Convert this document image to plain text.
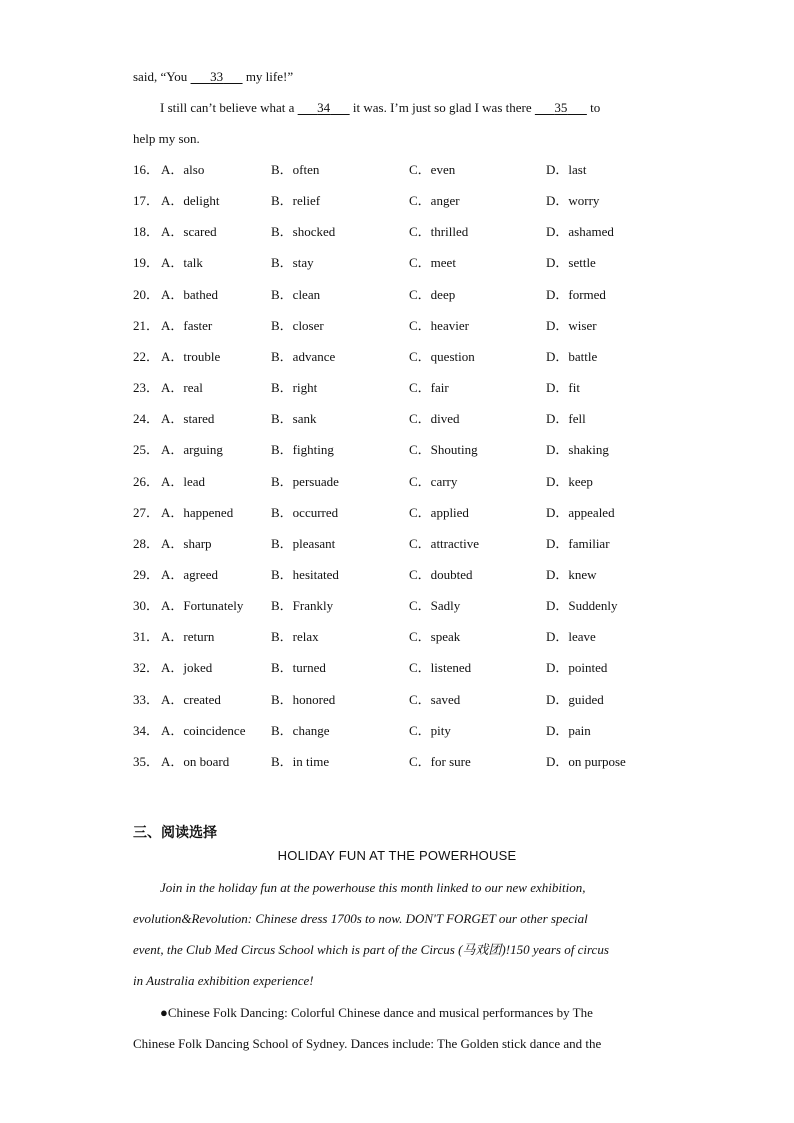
said, “You 33 my life!”
I still can’t believe what a 34 it was. I’m just so glad I was there 35 to
help my son.
16． A．also	B．often	C．even	D．last
17． A．delight	B．relief	C．anger	D．worry
18． A．scared	B．shocked	C．thrilled	D．ashamed
19． A．talk	B．stay	C．meet	D．settle
20． A．bathed	B．clean	C．deep	D．formed
21． A．faster	B．closer	C．heavier	D．wiser
22． A．trouble	B．advance	C．question	D．battle
23． A．real	B．right	C．fair	D．fit
24． A．stared	B．sank	C．dived	D．fell
25． A．arguing	B．fighting	C．Shouting	D．shaking
26． A．lead	B．persuade	C．carry	D．keep
27． A．happened	B．occurred	C．applied	D．appealed
28． A．sharp	B．pleasant	C．attractive	D．familiar
29． A．agreed	B．hesitated	C．doubted	D．knew
30． A．Fortunately B．Frankly	C．Sadly	D．Suddenly
31． A．return	B．relax	C．speak	D．leave
32． A．joked	B．turned	C．listened	D．pointed
33． A．created	B．honored	C．saved	D．guided
34． A．coincidence B．change	C．pity	D．pain
35． A．on board	B．in time	C．for sure	D．on purpose
三、阅读选择
HOLIDAY FUN AT THE POWERHOUSE
Join in the holiday fun at the powerhouse this month linked to our new exhibition,
evolution&Revolution: Chinese dress 1700s to now. DON'T FORGET our other special
event, the Club Med Circus School which is part of the Circus (马戏团)!150 years of circus
in Australia exhibition experience!
●Chinese Folk Dancing: Colorful Chinese dance and musical performances by The
Chinese Folk Dancing School of Sydney. Dances include: The Golden stick dance and the
